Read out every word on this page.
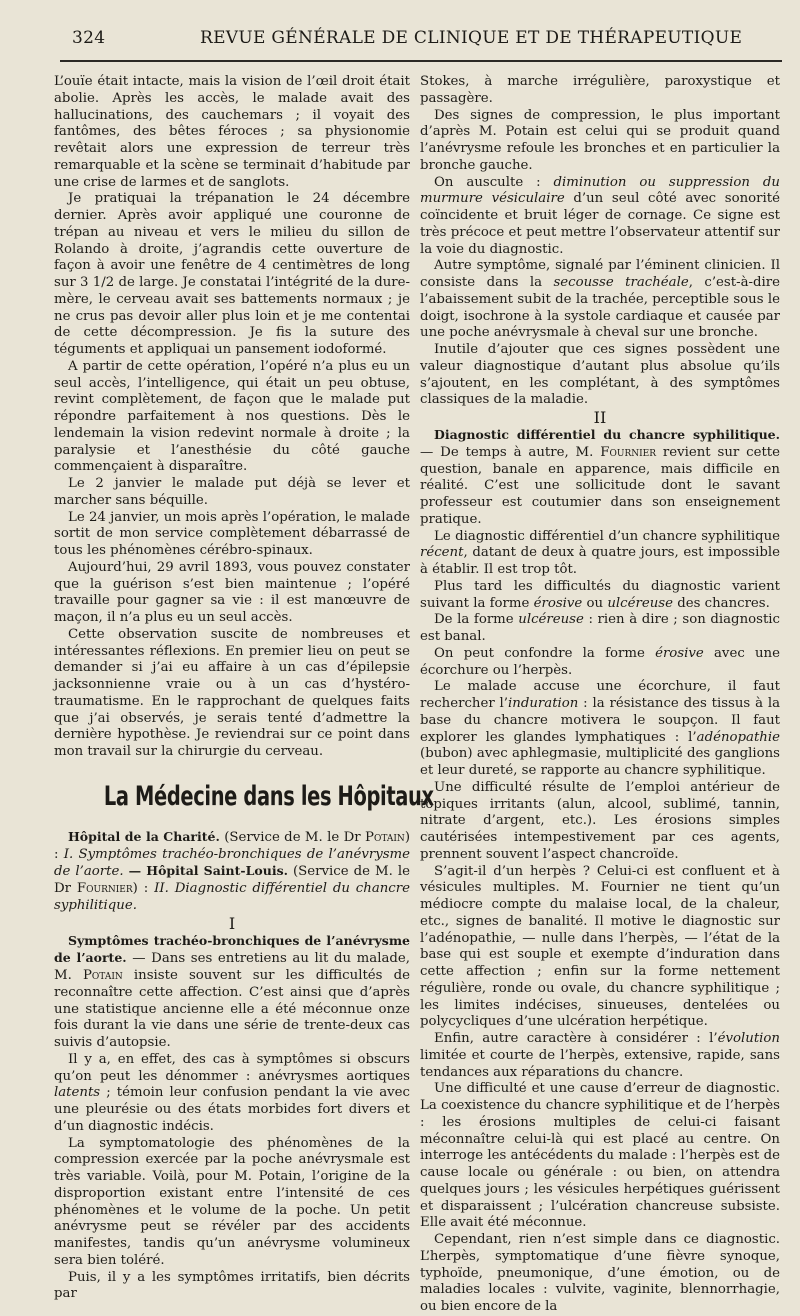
324	REVUE GÉNÉRALE DE CLINIQUE ET DE THÉRAPEUTIQUE

L’ouïe était intacte, mais la vision de l’œil droit était abolie. Après les accès, le malade avait des hallucinations, des cauchemars ; il voyait des fantômes, des bêtes féroces ; sa physionomie revêtait alors une expression de terreur très remarquable et la scène se terminait d’habitude par une crise de larmes et de sanglots.

Je pratiquai la trépanation le 24 décembre dernier. Après avoir appliqué une couronne de trépan au niveau et vers le milieu du sillon de Rolando à droite, j’agrandis cette ouverture de façon à avoir une fenêtre de 4 centimètres de long sur 3 1/2 de large. Je constatai l’intégrité de la dure-mère, le cerveau avait ses battements normaux ; je ne crus pas devoir aller plus loin et je me contentai de cette décompression. Je fis la suture des téguments et appliquai un pansement iodoformé.

A partir de cette opération, l’opéré n’a plus eu un seul accès, l’intelligence, qui était un peu obtuse, revint complètement, de façon que le malade put répondre parfaitement à nos questions. Dès le lendemain la vision redevint normale à droite ; la paralysie et l’anesthésie du côté gauche commençaient à disparaître.

Le 2 janvier le malade put déjà se lever et marcher sans béquille.

Le 24 janvier, un mois après l’opération, le malade sortit de mon service complètement débarrassé de tous les phénomènes cérébro-spinaux.

Aujourd’hui, 29 avril 1893, vous pouvez constater que la guérison s’est bien maintenue ; l’opéré travaille pour gagner sa vie : il est manœuvre de maçon, il n’a plus eu un seul accès.

Cette observation suscite de nombreuses et intéressantes réflexions. En premier lieu on peut se demander si j’ai eu affaire à un cas d’épilepsie jacksonnienne vraie ou à un cas d’hystéro-traumatisme. En le rapprochant de quelques faits que j’ai observés, je serais tenté d’admettre la dernière hypothèse. Je reviendrai sur ce point dans mon travail sur la chirurgie du cerveau.

La Médecine dans les Hôpitaux

Hôpital de la Charité. (Service de M. le Dr Potain) : I. Symptômes trachéo-bronchiques de l’anévrysme de l’aorte. — Hôpital Saint-Louis. (Service de M. le Dr Fournier) : II. Diagnostic différentiel du chancre syphilitique.

I

Symptômes trachéo-bronchiques de l’anévrysme de l’aorte. — Dans ses entretiens au lit du malade, M. Potain insiste souvent sur les difficultés de reconnaître cette affection. C’est ainsi que d’après une statistique ancienne elle a été méconnue onze fois durant la vie dans une série de trente-deux cas suivis d’autopsie.

Il y a, en effet, des cas à symptômes si obscurs qu’on peut les dénommer : anévrysmes aortiques latents ; témoin leur confusion pendant la vie avec une pleurésie ou des états morbides fort divers et d’un diagnostic indécis.

La symptomatologie des phénomènes de la compression exercée par la poche anévrysmale est très variable. Voilà, pour M. Potain, l’origine de la disproportion existant entre l’intensité de ces phénomènes et le volume de la poche. Un petit anévrysme peut se révéler par des accidents manifestes, tandis qu’un anévrysme volumineux sera bien toléré.

Puis, il y a les symptômes irritatifs, bien décrits par

Stokes, à marche irrégulière, paroxystique et passagère.

Des signes de compression, le plus important d’après M. Potain est celui qui se produit quand l’anévrysme refoule les bronches et en particulier la bronche gauche.

On ausculte : diminution ou suppression du murmure vésiculaire d’un seul côté avec sonorité coïncidente et bruit léger de cornage. Ce signe est très précoce et peut mettre l’observateur attentif sur la voie du diagnostic.

Autre symptôme, signalé par l’éminent clinicien. Il consiste dans la secousse trachéale, c’est-à-dire l’abaissement subit de la trachée, perceptible sous le doigt, isochrone à la systole cardiaque et causée par une poche anévrysmale à cheval sur une bronche.

Inutile d’ajouter que ces signes possèdent une valeur diagnostique d’autant plus absolue qu’ils s’ajoutent, en les complétant, à des symptômes classiques de la maladie.

II

Diagnostic différentiel du chancre syphilitique. — De temps à autre, M. Fournier revient sur cette question, banale en apparence, mais difficile en réalité. C’est une sollicitude dont le savant professeur est coutumier dans son enseignement pratique.

Le diagnostic différentiel d’un chancre syphilitique récent, datant de deux à quatre jours, est impossible à établir. Il est trop tôt.

Plus tard les difficultés du diagnostic varient suivant la forme érosive ou ulcéreuse des chancres.

De la forme ulcéreuse : rien à dire ; son diagnostic est banal.

On peut confondre la forme érosive avec une écorchure ou l’herpès.

Le malade accuse une écorchure, il faut rechercher l’induration : la résistance des tissus à la base du chancre motivera le soupçon. Il faut explorer les glandes lymphatiques : l’adénopathie (bubon) avec aphlegmasie, multiplicité des ganglions et leur dureté, se rapporte au chancre syphilitique.

Une difficulté résulte de l’emploi antérieur de topiques irritants (alun, alcool, sublimé, tannin, nitrate d’argent, etc.). Les érosions simples cautérisées intempestivement par ces agents, prennent souvent l’aspect chancroïde.

S’agit-il d’un herpès ? Celui-ci est confluent et à vésicules multiples. M. Fournier ne tient qu’un médiocre compte du malaise local, de la chaleur, etc., signes de banalité. Il motive le diagnostic sur l’adénopathie, — nulle dans l’herpès, — l’état de la base qui est souple et exempte d’induration dans cette affection ; enfin sur la forme nettement régulière, ronde ou ovale, du chancre syphilitique ; les limites indécises, sinueuses, dentelées ou polycycliques d’une ulcération herpétique.

Enfin, autre caractère à considérer : l’évolution limitée et courte de l’herpès, extensive, rapide, sans tendances aux réparations du chancre.

Une difficulté et une cause d’erreur de diagnostic. La coexistence du chancre syphilitique et de l’herpès : les érosions multiples de celui-ci faisant méconnaître celui-là qui est placé au centre. On interroge les antécédents du malade : l’herpès est de cause locale ou générale : ou bien, on attendra quelques jours ; les vésicules herpétiques guérissent et disparaissent ; l’ulcération chancreuse subsiste. Elle avait été méconnue.

Cependant, rien n’est simple dans ce diagnostic. L’herpès, symptomatique d’une fièvre synoque, typhoïde, pneumonique, d’une émotion, ou de maladies locales : vulvite, vaginite, blennorrhagie, ou bien encore de la
